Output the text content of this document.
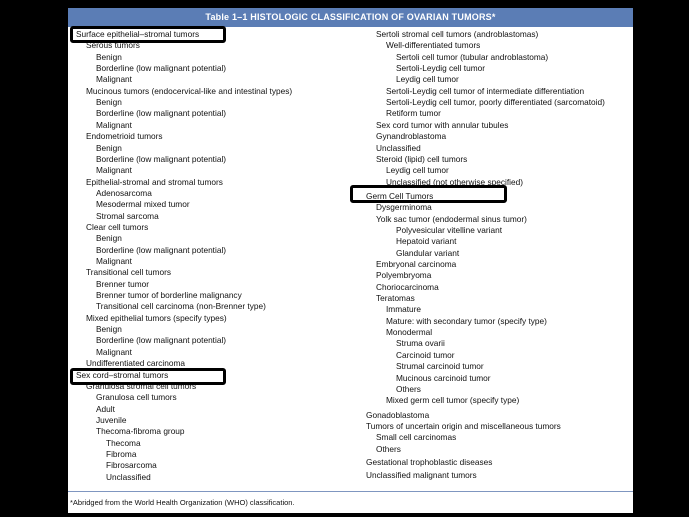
Table 1–1 HISTOLOGIC CLASSIFICATION OF OVARIAN TUMORS*
Surface epithelial–stromal tumors
Serous tumors
Benign
Borderline (low malignant potential)
Malignant
Mucinous tumors (endocervical-like and intestinal types)
Benign
Borderline (low malignant potential)
Malignant
Endometrioid tumors
Benign
Borderline (low malignant potential)
Malignant
Epithelial-stromal and stromal tumors
Adenosarcoma
Mesodermal mixed tumor
Stromal sarcoma
Clear cell tumors
Benign
Borderline (low malignant potential)
Malignant
Transitional cell tumors
Brenner tumor
Brenner tumor of borderline malignancy
Transitional cell carcinoma (non-Brenner type)
Mixed epithelial tumors (specify types)
Benign
Borderline (low malignant potential)
Malignant
Undifferentiated carcinoma
Sex cord–stromal tumors
Granulosa stromal cell tumors
Granulosa cell tumors
Adult
Juvenile
Thecoma-fibroma group
Thecoma
Fibroma
Fibrosarcoma
Unclassified
Sertoli stromal cell tumors (androblastomas)
Well-differentiated tumors
Sertoli cell tumor (tubular androblastoma)
Sertoli-Leydig cell tumor
Leydig cell tumor
Sertoli-Leydig cell tumor of intermediate differentiation
Sertoli-Leydig cell tumor, poorly differentiated (sarcomatoid)
Retiform tumor
Sex cord tumor with annular tubules
Gynandroblastoma
Unclassified
Steroid (lipid) cell tumors
Leydig cell tumor
Unclassified (not otherwise specified)
Germ Cell Tumors
Dysgerminoma
Yolk sac tumor (endodermal sinus tumor)
Polyvesicular vitelline variant
Hepatoid variant
Glandular variant
Embryonal carcinoma
Polyembryoma
Choriocarcinoma
Teratomas
Immature
Mature: with secondary tumor (specify type)
Monodermal
Struma ovarii
Carcinoid tumor
Strumal carcinoid tumor
Mucinous carcinoid tumor
Others
Mixed germ cell tumor (specify type)
Gonadoblastoma
Tumors of uncertain origin and miscellaneous tumors
Small cell carcinomas
Others
Gestational trophoblastic diseases
Unclassified malignant tumors
*Abridged from the World Health Organization (WHO) classification.
